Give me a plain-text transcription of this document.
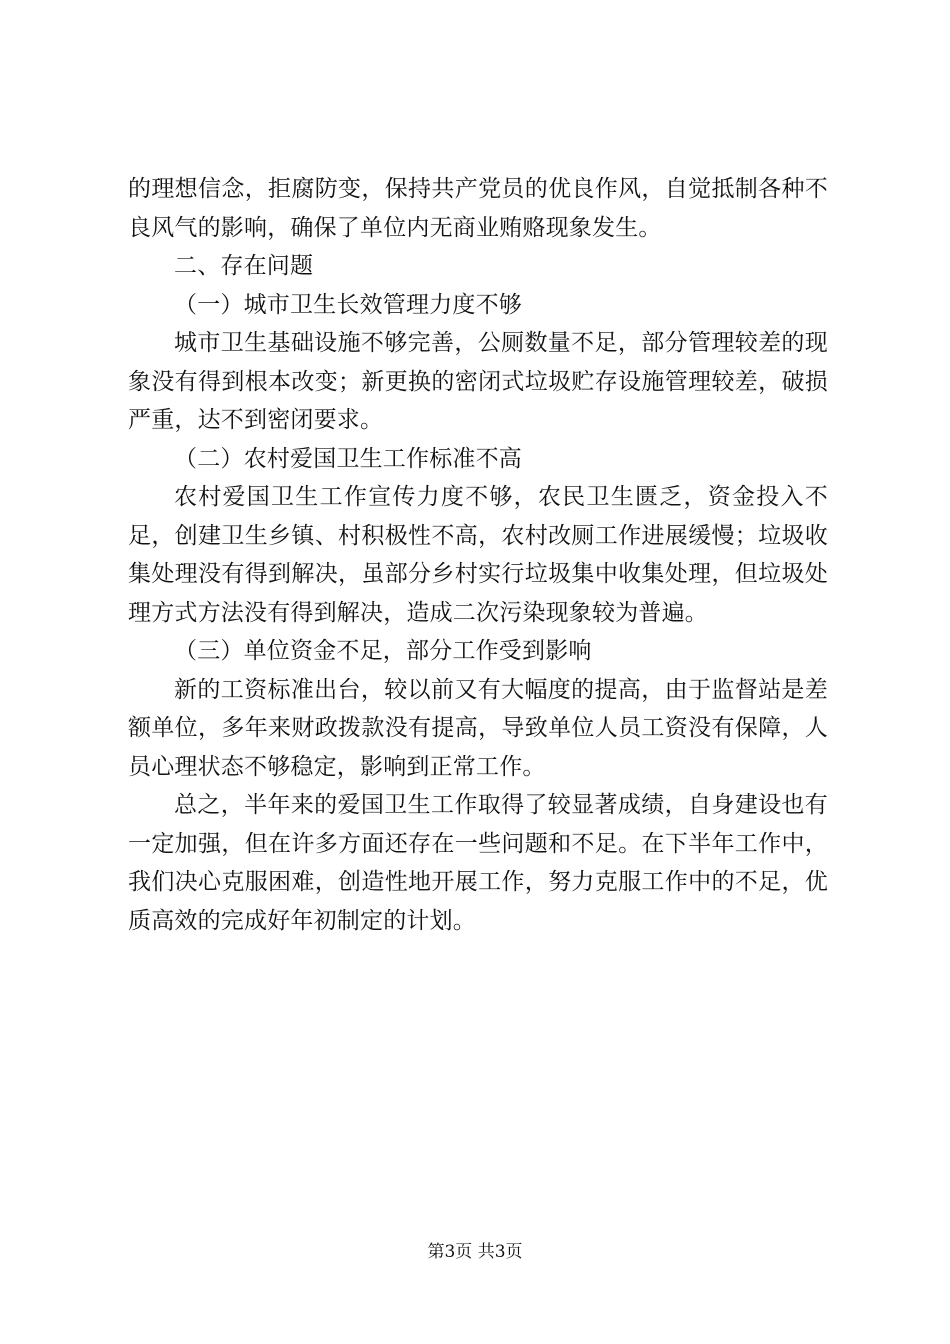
的理想信念，拒腐防变，保持共产党员的优良作风，自觉抵制各种不良风气的影响，确保了单位内无商业贿赂现象发生。

二、存在问题

（一）城市卫生长效管理力度不够

城市卫生基础设施不够完善，公厕数量不足，部分管理较差的现象没有得到根本改变；新更换的密闭式垃圾贮存设施管理较差，破损严重，达不到密闭要求。

（二）农村爱国卫生工作标准不高

农村爱国卫生工作宣传力度不够，农民卫生匮乏，资金投入不足，创建卫生乡镇、村积极性不高，农村改厕工作进展缓慢；垃圾收集处理没有得到解决，虽部分乡村实行垃圾集中收集处理，但垃圾处理方式方法没有得到解决，造成二次污染现象较为普遍。

（三）单位资金不足，部分工作受到影响

新的工资标准出台，较以前又有大幅度的提高，由于监督站是差额单位，多年来财政拨款没有提高，导致单位人员工资没有保障，人员心理状态不够稳定，影响到正常工作。

总之，半年来的爱国卫生工作取得了较显著成绩，自身建设也有一定加强，但在许多方面还存在一些问题和不足。在下半年工作中，我们决心克服困难，创造性地开展工作，努力克服工作中的不足，优质高效的完成好年初制定的计划。

第3页 共3页
